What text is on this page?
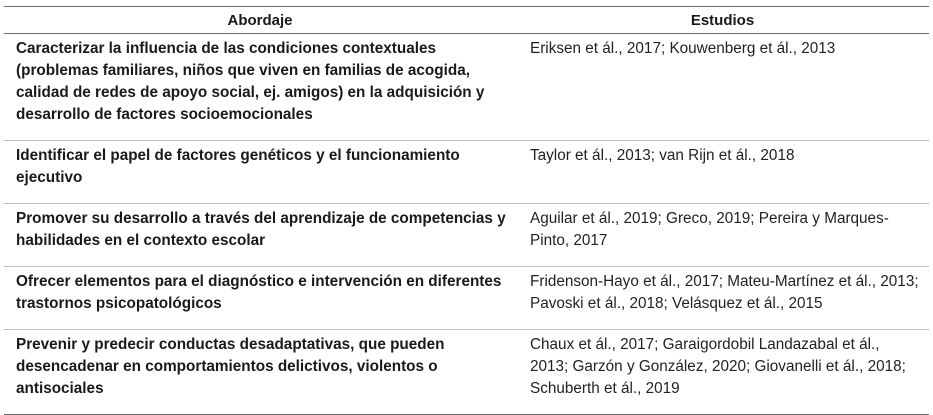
Abordaje	Estudios
Caracterizar la influencia de las condiciones contextuales (problemas familiares, niños que viven en familias de acogida, calidad de redes de apoyo social, ej. amigos) en la adquisición y desarrollo de factores socioemocionales	Eriksen et ál., 2017; Kouwenberg et ál., 2013
Identificar el papel de factores genéticos y el funcionamiento ejecutivo	Taylor et ál., 2013; van Rijn et ál., 2018
Promover su desarrollo a través del aprendizaje de competencias y habilidades en el contexto escolar	Aguilar et ál., 2019; Greco, 2019; Pereira y Marques-Pinto, 2017
Ofrecer elementos para el diagnóstico e intervención en diferentes trastornos psicopatológicos	Fridenson-Hayo et ál., 2017; Mateu-Martínez et ál., 2013; Pavoski et ál., 2018; Velásquez et ál., 2015
Prevenir y predecir conductas desadaptativas, que pueden desencadenar en comportamientos delictivos, violentos o antisociales	Chaux et ál., 2017; Garaigordobil Landazabal et ál., 2013; Garzón y González, 2020; Giovanelli et ál., 2018; Schuberth et ál., 2019
